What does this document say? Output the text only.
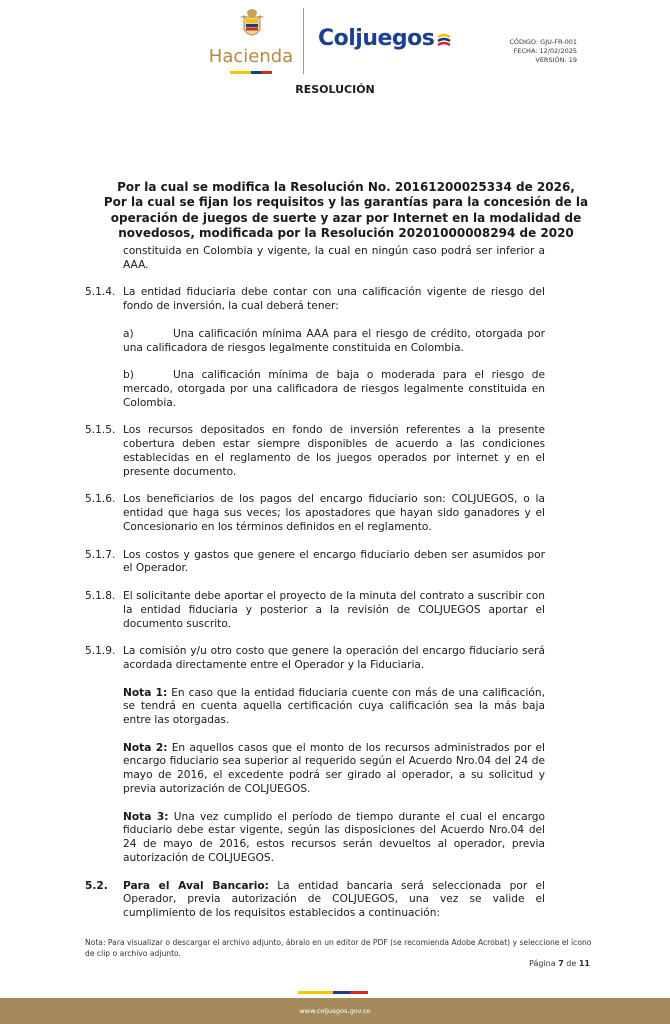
Hacienda
Coljuegos	CÓDIGO: GJU-FR-001
FECHA: 12/02/2025
VERSIÓN: 19
RESOLUCIÓN
Por la cual se modifica la Resolución No. 20161200025334 de 2026,
Por la cual se fijan los requisitos y las garantías para la concesión de la
operación de juegos de suerte y azar por Internet en la modalidad de
novedosos, modificada por la Resolución 20201000008294 de 2020

constituida en Colombia y vigente, la cual en ningún caso podrá ser inferior a AAA.

5.1.4. La entidad fiduciaria debe contar con una calificación vigente de riesgo del fondo de inversión, la cual deberá tener:

a)	Una calificación mínima AAA para el riesgo de crédito, otorgada por una calificadora de riesgos legalmente constituida en Colombia.

b)	Una calificación mínima de baja o moderada para el riesgo de mercado, otorgada por una calificadora de riesgos legalmente constituida en Colombia.

5.1.5. Los recursos depositados en fondo de inversión referentes a la presente cobertura deben estar siempre disponibles de acuerdo a las condiciones establecidas en el reglamento de los juegos operados por internet y en el presente documento.

5.1.6. Los beneficiarios de los pagos del encargo fiduciario son: COLJUEGOS, o la entidad que haga sus veces; los apostadores que hayan sido ganadores y el Concesionario en los términos definidos en el reglamento.

5.1.7. Los costos y gastos que genere el encargo fiduciario deben ser asumidos por el Operador.

5.1.8. El solicitante debe aportar el proyecto de la minuta del contrato a suscribir con la entidad fiduciaria y posterior a la revisión de COLJUEGOS aportar el documento suscrito.

5.1.9. La comisión y/u otro costo que genere la operación del encargo fiduciario será acordada directamente entre el Operador y la Fiduciaria.

Nota 1: En caso que la entidad fiduciaria cuente con más de una calificación, se tendrá en cuenta aquella certificación cuya calificación sea la más baja entre las otorgadas.

Nota 2: En aquellos casos que el monto de los recursos administrados por el encargo fiduciario sea superior al requerido según el Acuerdo Nro.04 del 24 de mayo de 2016, el excedente podrá ser girado al operador, a su solicitud y previa autorización de COLJUEGOS.

Nota 3: Una vez cumplido el período de tiempo durante el cual el encargo fiduciario debe estar vigente, según las disposiciones del Acuerdo Nro.04 del 24 de mayo de 2016, estos recursos serán devueltos al operador, previa autorización de COLJUEGOS.

5.2. Para el Aval Bancario: La entidad bancaria será seleccionada por el Operador, previa autorización de COLJUEGOS, una vez se valide el cumplimiento de los requisitos establecidos a continuación:

Nota: Para visualizar o descargar el archivo adjunto, ábralo en un editor de PDF (se recomienda Adobe Acrobat) y seleccione el ícono de clip o archivo adjunto.
Página 7 de 11
www.coljuegos.gov.co
